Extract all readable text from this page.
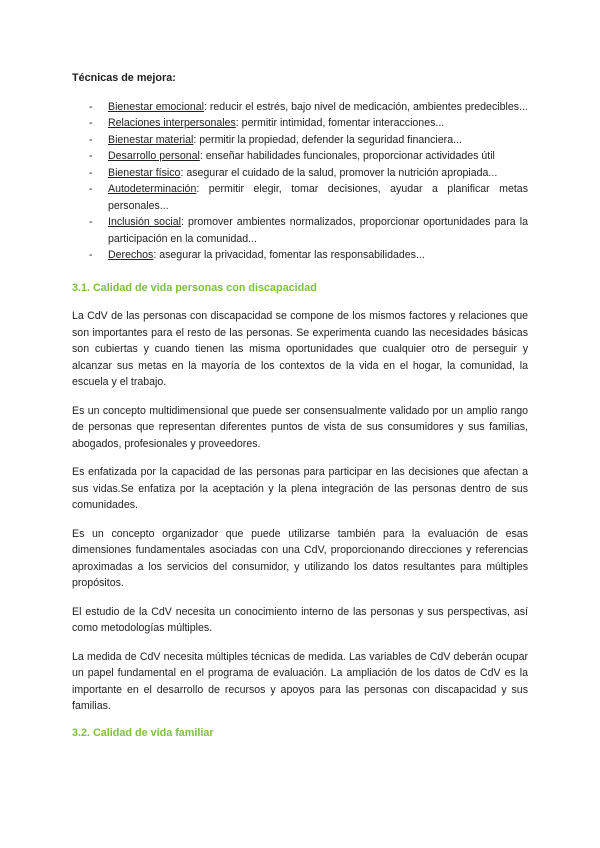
Técnicas de mejora:
- Bienestar emocional: reducir el estrés, bajo nivel de medicación, ambientes predecibles...
- Relaciones interpersonales: permitir intimidad, fomentar interacciones...
- Bienestar material: permitir la propiedad, defender la seguridad financiera...
- Desarrollo personal: enseñar habilidades funcionales, proporcionar actividades útil
- Bienestar físico: asegurar el cuidado de la salud, promover la nutrición apropiada...
- Autodeterminación: permitir elegir, tomar decisiones, ayudar a planificar metas personales...
- Inclusión social: promover ambientes normalizados, proporcionar oportunidades para la participación en la comunidad...
- Derechos: asegurar la privacidad, fomentar las responsabilidades...
3.1. Calidad de vida personas con discapacidad

La CdV de las personas con discapacidad se compone de los mismos factores y relaciones que son importantes para el resto de las personas. Se experimenta cuando las necesidades básicas son cubiertas y cuando tienen las misma oportunidades que cualquier otro de perseguir y alcanzar sus metas en la mayoría de los contextos de la vida en el hogar, la comunidad, la escuela y el trabajo.

Es un concepto multidimensional que puede ser consensualmente validado por un amplio rango de personas que representan diferentes puntos de vista de sus consumidores y sus familias, abogados, profesionales y proveedores.

Es enfatizada por la capacidad de las personas para participar en las decisiones que afectan a sus vidas.Se enfatiza por la aceptación y la plena integración de las personas dentro de sus comunidades.

Es un concepto organizador que puede utilizarse también para la evaluación de esas dimensiones fundamentales asociadas con una CdV, proporcionando direcciones y referencias aproximadas a los servicios del consumidor, y utilizando los datos resultantes para múltiples propósitos.

El estudio de la CdV necesita un conocimiento interno de las personas y sus perspectivas, así como metodologías múltiples.

La medida de CdV necesita múltiples técnicas de medida. Las variables de CdV deberán ocupar un papel fundamental en el programa de evaluación. La ampliación de los datos de CdV es la importante en el desarrollo de recursos y apoyos para las personas con discapacidad y sus familias.

3.2. Calidad de vida familiar
